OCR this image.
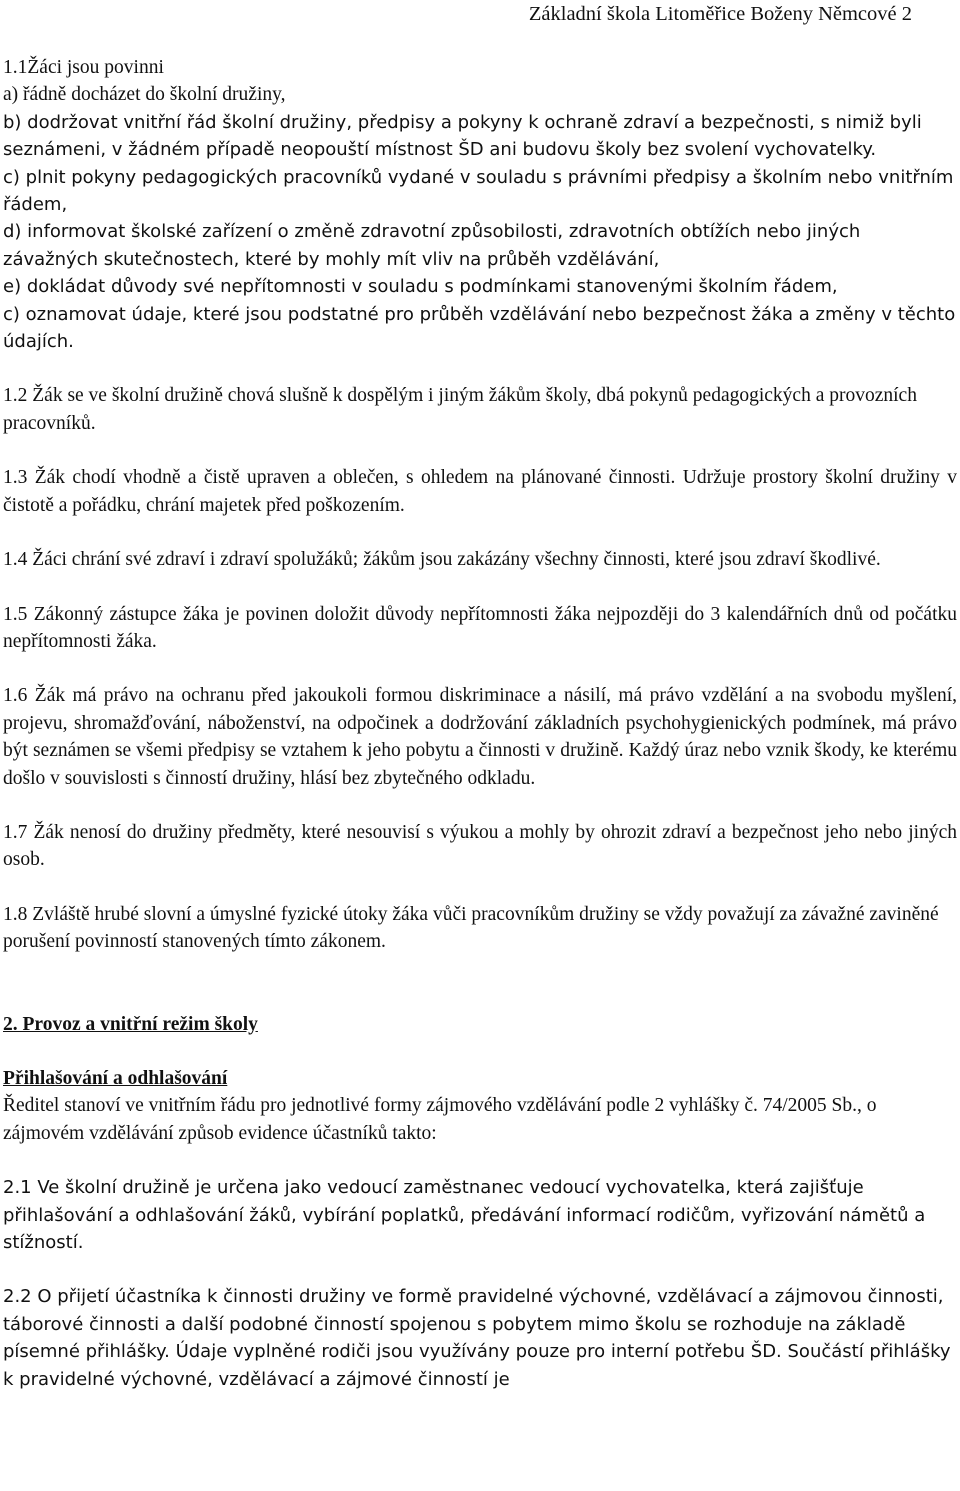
Základní škola Litoměřice Boženy Němcové 2

1.1Žáci jsou povinni

a) řádně docházet do školní družiny,

b) dodržovat vnitřní řád školní družiny, předpisy a pokyny k ochraně zdraví a bezpečnosti, s nimiž byli seznámeni, v žádném případě neopouští místnost ŠD ani budovu školy bez svolení vychovatelky.

c) plnit pokyny pedagogických pracovníků vydané v souladu s právními předpisy a školním nebo vnitřním řádem,

d) informovat školské zařízení o změně zdravotní způsobilosti, zdravotních obtížích nebo jiných závažných skutečnostech, které by mohly mít vliv na průběh vzdělávání,

e) dokládat důvody své nepřítomnosti v souladu s podmínkami stanovenými školním řádem,

c) oznamovat údaje, které jsou podstatné pro průběh vzdělávání nebo bezpečnost žáka a změny v těchto údajích.

1.2 Žák se ve školní družině chová slušně k dospělým i jiným žákům školy, dbá pokynů pedagogických a provozních pracovníků.

1.3 Žák chodí vhodně a čistě upraven a oblečen, s ohledem na plánované činnosti. Udržuje prostory školní družiny v čistotě a pořádku, chrání majetek před poškozením.

1.4 Žáci chrání své zdraví i zdraví spolužáků; žákům jsou zakázány všechny činnosti, které jsou zdraví škodlivé.

1.5 Zákonný zástupce žáka je povinen doložit důvody nepřítomnosti žáka nejpozději do 3 kalendářních dnů od počátku nepřítomnosti žáka.

1.6 Žák má právo na ochranu před jakoukoli formou diskriminace a násilí, má právo vzdělání a na svobodu myšlení, projevu, shromažďování, náboženství, na odpočinek a dodržování základních psychohygienických podmínek, má právo být seznámen se všemi předpisy se vztahem k jeho pobytu a činnosti v družině. Každý úraz nebo vznik škody, ke kterému došlo v souvislosti s činností družiny, hlásí bez zbytečného odkladu.

1.7 Žák nenosí do družiny předměty, které nesouvisí s výukou a mohly by ohrozit zdraví a bezpečnost jeho nebo jiných osob.

1.8 Zvláště hrubé slovní a úmyslné fyzické útoky žáka vůči pracovníkům družiny se vždy považují za závažné zaviněné porušení povinností stanovených tímto zákonem.

2. Provoz a vnitřní režim školy

Přihlašování a odhlašování

Ředitel stanoví ve vnitřním řádu pro jednotlivé formy zájmového vzdělávání podle 2 vyhlášky č. 74/2005 Sb., o zájmovém vzdělávání způsob evidence účastníků takto:

2.1 Ve školní družině je určena jako vedoucí zaměstnanec vedoucí vychovatelka, která zajišťuje přihlašování a odhlašování žáků, vybírání poplatků, předávání informací rodičům, vyřizování námětů a stížností.

2.2 O přijetí účastníka k činnosti družiny ve formě pravidelné výchovné, vzdělávací a zájmovou činnosti, táborové činnosti a další podobné činností spojenou s pobytem mimo školu se rozhoduje na základě písemné přihlášky. Údaje vyplněné rodiči jsou využívány pouze pro interní potřebu ŠD. Součástí přihlášky k pravidelné výchovné, vzdělávací a zájmové činností je
